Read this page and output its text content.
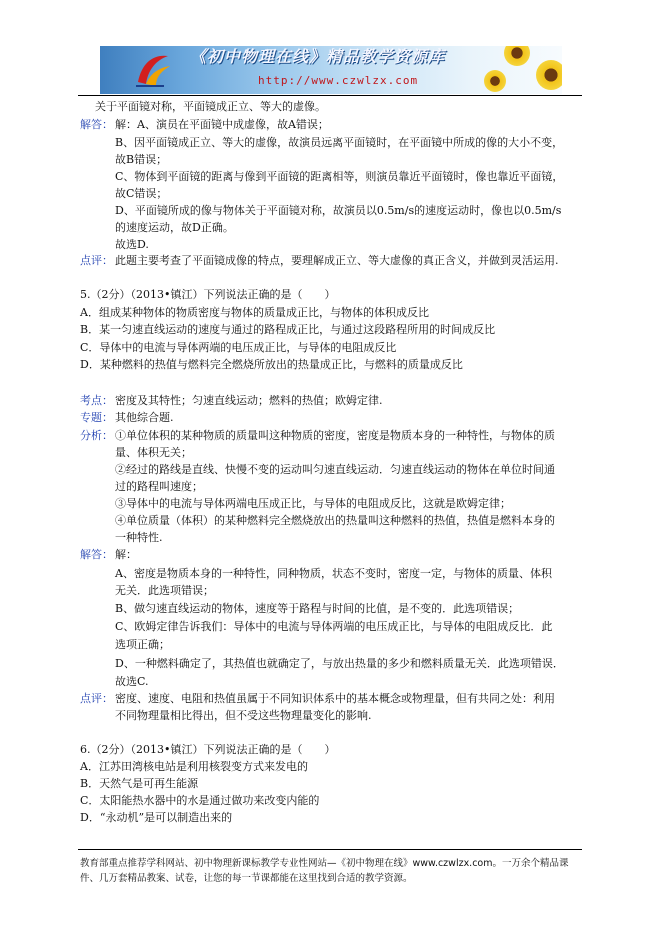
《初中物理在线》精品教学资源库
http://www.czwlzx.com
关于平面镜对称，平面镜成正立、等大的虚像。
解答： 解：A、演员在平面镜中成虚像，故A错误；
B、因平面镜成正立、等大的虚像，故演员远离平面镜时，在平面镜中所成的像的大小不变，
故B错误；
C、物体到平面镜的距离与像到平面镜的距离相等，则演员靠近平面镜时，像也靠近平面镜，
故C错误；
D、平面镜所成的像与物体关于平面镜对称，故演员以0.5m/s的速度运动时，像也以0.5m/s
的速度运动，故D正确。
故选D.
点评： 此题主要考查了平面镜成像的特点，要理解成正立、等大虚像的真正含义，并做到灵活运用.
5.（2分）（2013•镇江）下列说法正确的是（　　）
A．组成某种物体的物质密度与物体的质量成正比，与物体的体积成反比
B．某一匀速直线运动的速度与通过的路程成正比，与通过这段路程所用的时间成反比
C．导体中的电流与导体两端的电压成正比，与导体的电阻成反比
D．某种燃料的热值与燃料完全燃烧所放出的热量成正比，与燃料的质量成反比
考点： 密度及其特性；匀速直线运动；燃料的热值；欧姆定律.
专题： 其他综合题.
分析： ①单位体积的某种物质的质量叫这种物质的密度，密度是物质本身的一种特性，与物体的质
量、体积无关；
②经过的路线是直线、快慢不变的运动叫匀速直线运动．匀速直线运动的物体在单位时间通
过的路程叫速度；
③导体中的电流与导体两端电压成正比，与导体的电阻成反比，这就是欧姆定律；
④单位质量（体积）的某种燃料完全燃烧放出的热量叫这种燃料的热值，热值是燃料本身的
一种特性.
解答： 解：
A、密度是物质本身的一种特性，同种物质，状态不变时，密度一定，与物体的质量、体积
无关．此选项错误；
B、做匀速直线运动的物体，速度等于路程与时间的比值，是不变的．此选项错误；
C、欧姆定律告诉我们：导体中的电流与导体两端的电压成正比，与导体的电阻成反比．此
选项正确；
D、一种燃料确定了，其热值也就确定了，与放出热量的多少和燃料质量无关．此选项错误．
故选C.
点评： 密度、速度、电阻和热值虽属于不同知识体系中的基本概念或物理量，但有共同之处：利用
不同物理量相比得出，但不受这些物理量变化的影响.
6.（2分）（2013•镇江）下列说法正确的是（　　）
A．江苏田湾核电站是利用核裂变方式来发电的
B．天然气是可再生能源
C．太阳能热水器中的水是通过做功来改变内能的
D．“永动机”是可以制造出来的
教育部重点推荐学科网站、初中物理新课标教学专业性网站—《初中物理在线》www.czwlzx.com。一万余个精品课
件、几万套精品教案、试卷，让您的每一节课都能在这里找到合适的教学资源。
